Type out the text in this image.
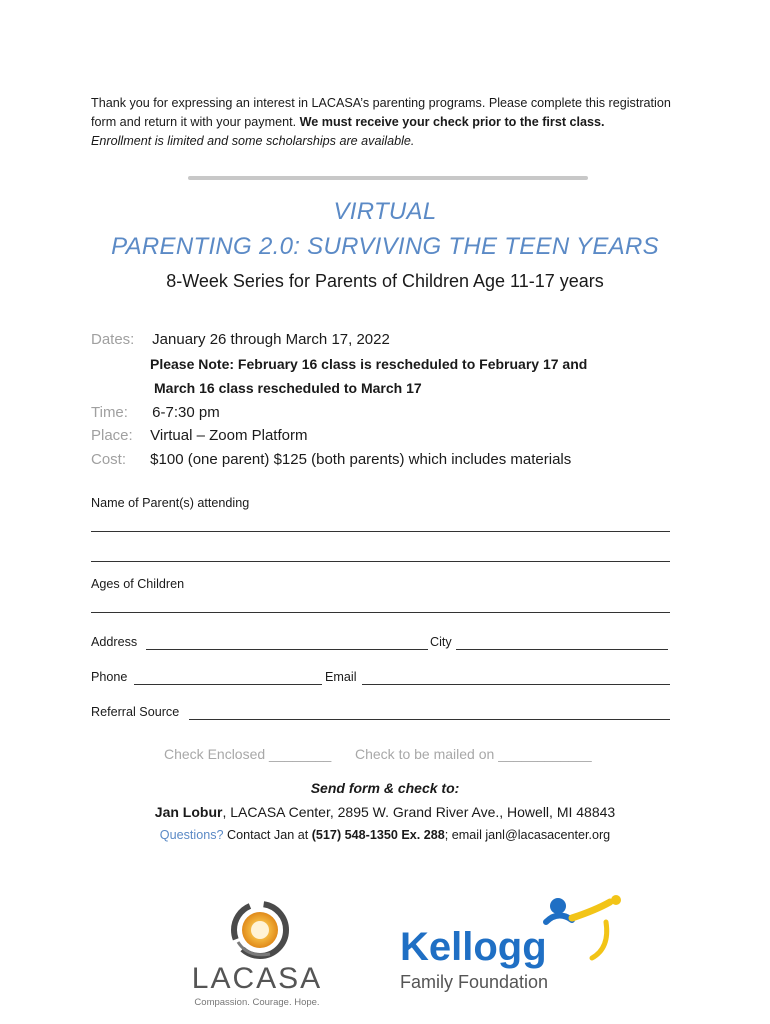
Thank you for expressing an interest in LACASA’s parenting programs. Please complete this registration form and return it with your payment. We must receive your check prior to the first class.  Enrollment is limited and some scholarships are available.
VIRTUAL
PARENTING 2.0: SURVIVING THE TEEN YEARS
8-Week Series for Parents of Children Age 11-17 years
Dates: January 26 through March 17, 2022
Please Note: February 16 class is rescheduled to February 17 and
March 16 class rescheduled to March 17
Time: 6-7:30 pm
Place: Virtual – Zoom Platform
Cost: $100 (one parent) $125 (both parents) which includes materials
Name of Parent(s) attending
Ages of Children
Address	City
Phone	Email
Referral Source
Check Enclosed ________ Check to be mailed on ____________
Send form & check to:
Jan Lobur, LACASA Center, 2895 W. Grand River Ave., Howell, MI 48843
Questions? Contact Jan at (517) 548-1350 Ex. 288; email janl@lacasacenter.org
LACASA
Compassion. Courage. Hope.
Kellogg
Family Foundation
